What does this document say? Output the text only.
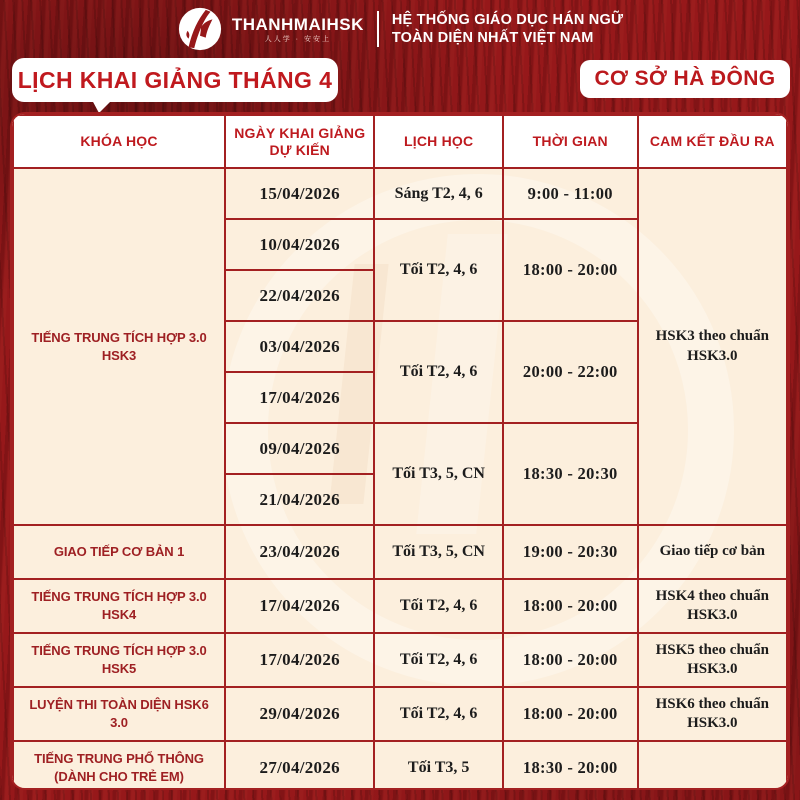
THANHMAIHSK
人人学 · 安安上
HỆ THỐNG GIÁO DỤC HÁN NGỮ
TOÀN DIỆN NHẤT VIỆT NAM
LỊCH KHAI GIẢNG THÁNG 4	CƠ SỞ HÀ ĐÔNG
KHÓA HỌC	NGÀY KHAI GIẢNG DỰ KIẾN	LỊCH HỌC	THỜI GIAN	CAM KẾT ĐẦU RA
TIẾNG TRUNG TÍCH HỢP 3.0 HSK3	15/04/2026	Sáng T2, 4, 6	9:00 - 11:00	HSK3 theo chuẩn HSK3.0
	10/04/2026	Tối T2, 4, 6	18:00 - 20:00	
	22/04/2026			
	03/04/2026	Tối T2, 4, 6	20:00 - 22:00	
	17/04/2026			
	09/04/2026	Tối T3, 5, CN	18:30 - 20:30	
	21/04/2026			
GIAO TIẾP CƠ BẢN 1	23/04/2026	Tối T3, 5, CN	19:00 - 20:30	Giao tiếp cơ bản
TIẾNG TRUNG TÍCH HỢP 3.0 HSK4	17/04/2026	Tối T2, 4, 6	18:00 - 20:00	HSK4 theo chuẩn HSK3.0
TIẾNG TRUNG TÍCH HỢP 3.0 HSK5	17/04/2026	Tối T2, 4, 6	18:00 - 20:00	HSK5 theo chuẩn HSK3.0
LUYỆN THI TOÀN DIỆN HSK6 3.0	29/04/2026	Tối T2, 4, 6	18:00 - 20:00	HSK6 theo chuẩn HSK3.0
TIẾNG TRUNG PHỔ THÔNG (DÀNH CHO TRẺ EM)	27/04/2026	Tối T3, 5	18:30 - 20:00	
